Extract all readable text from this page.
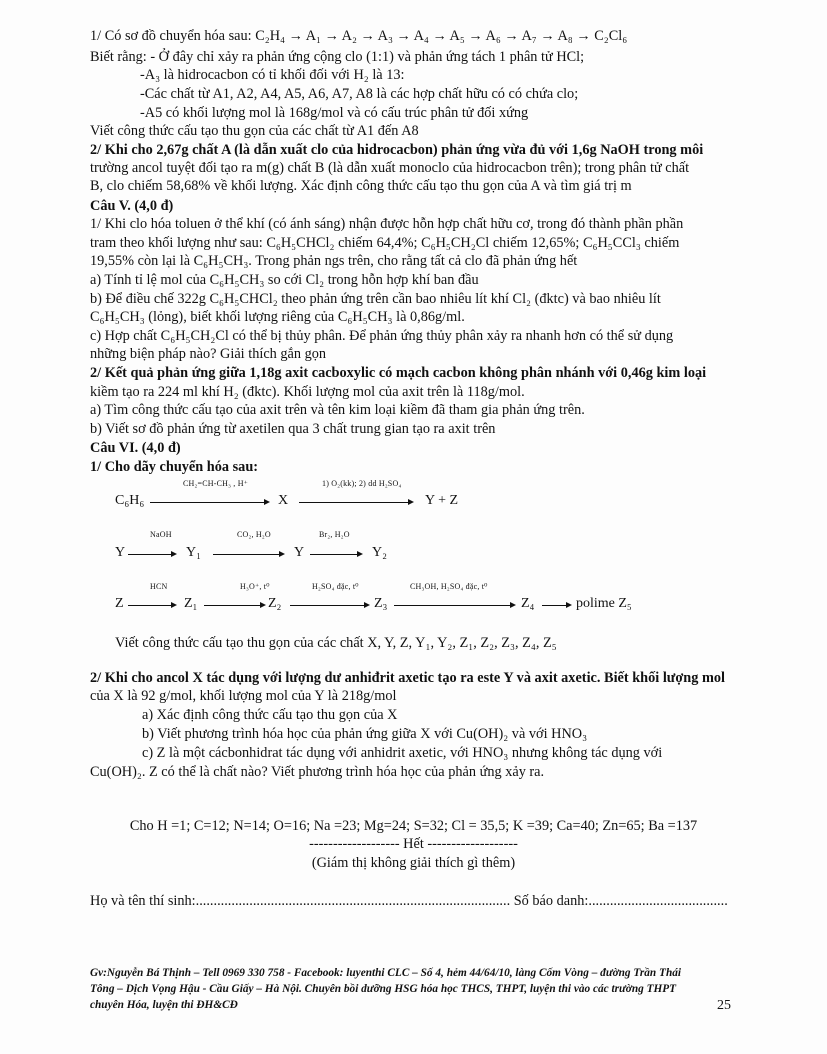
1/ Có sơ đồ chuyển hóa sau: C₂H₄ → A₁ → A₂ → A₃ → A₄ → A₅ → A₆ → A₇ → A₈ → C₂Cl₆
Biết rằng: - Ở đây chỉ xảy ra phản ứng cộng clo (1:1) và phản ứng tách 1 phân tử HCl;
-A₃ là hidrocacbon có tỉ khối đối với H₂ là 13:
-Các chất từ A1, A2, A4, A5, A6, A7, A8 là các hợp chất hữu có có chứa clo;
-A5 có khối lượng mol là 168g/mol và có cấu trúc phân tử đối xứng
Viết công thức cấu tạo thu gọn của các chất từ A1 đến A8
2/ Khi cho 2,67g chất A (là dẫn xuất clo của hidrocacbon) phản ứng vừa đủ với 1,6g NaOH trong môi
trường ancol tuyệt đối tạo ra m(g) chất B (là dẫn xuất monoclo của hidrocacbon trên); trong phân tử chất
B, clo chiếm 58,68% về khối lượng. Xác định công thức cấu tạo thu gọn của A và tìm giá trị m
Câu V. (4,0 đ)
1/ Khi clo hóa toluen ở thể khí (có ánh sáng) nhận được hỗn hợp chất hữu cơ, trong đó thành phần phần
tram theo khối lượng như sau: C₆H₅CHCl₂ chiếm 64,4%; C₆H₅CH₂Cl chiếm 12,65%; C₆H₅CCl₃ chiếm
19,55% còn lại là C₆H₅CH₃. Trong phản ngs trên, cho rằng tất cả clo đã phản ứng hết
a) Tính tỉ lệ mol của C₆H₅CH₃ so cới Cl₂ trong hỗn hợp khí ban đầu
b) Để điều chế 322g C₆H₅CHCl₂ theo phản ứng trên cần bao nhiêu lít khí Cl₂ (đktc) và bao nhiêu lít
C₆H₅CH₃ (lỏng), biết khối lượng riêng của C₆H₅CH₃ là 0,86g/ml.
c) Hợp chất C₆H₅CH₂Cl có thể bị thủy phân. Để phản ứng thủy phân xảy ra nhanh hơn có thể sử dụng
những biện pháp nào? Giải thích gắn gọn
2/ Kết quả phản ứng giữa 1,18g axit cacboxylic có mạch cacbon không phân nhánh với 0,46g kim loại
kiềm tạo ra 224 ml khí H₂ (đktc). Khối lượng mol của axit trên là 118g/mol.
a) Tìm công thức cấu tạo của axit trên và tên kim loại kiềm đã tham gia phản ứng trên.
b) Viết sơ đồ phản ứng từ axetilen qua 3 chất trung gian tạo ra axit trên
Câu VI. (4,0 đ)
1/ Cho dãy chuyển hóa sau:
C₆H₆
CH₂=CH-CH₃ , H⁺
X
1) O₂(kk); 2) dd H₂SO₄
Y + Z
Y
NaOH
→ Y₁
CO₂, H₂O
Y
Br₂, H₂O
→ Y₂
Z
HCN
→ Z₁
H₃O⁺, t⁰
→ Z₂
H₂SO₄ đặc, t⁰
Z₃
CH₃OH, H₂SO₄ đặc, t⁰
Z₄ → polime Z₅
Viết công thức cấu tạo thu gọn của các chất X, Y, Z, Y₁, Y₂, Z₁, Z₂, Z₃, Z₄, Z₅
2/ Khi cho ancol X tác dụng với lượng dư anhiđrit axetic tạo ra este Y và axit axetic. Biết khối lượng mol
của X là 92 g/mol, khối lượng mol của Y là 218g/mol
a) Xác định công thức cấu tạo thu gọn của X
b) Viết phương trình hóa học của phản ứng giữa X với Cu(OH)₂ và với HNO₃
c) Z là một cácbonhidrat tác dụng với anhidrit axetic, với HNO₃ nhưng không tác dụng với
Cu(OH)₂. Z có thể là chất nào? Viết phương trình hóa học của phản ứng xảy ra.
Cho H =1; C=12; N=14; O=16; Na =23; Mg=24; S=32; Cl = 35,5; K =39; Ca=40; Zn=65; Ba =137
------------------- Hết -------------------
(Giám thị không giải thích gì thêm)
Họ và tên thí sinh:........................................................................................ Số báo danh:.......................................
Gv:Nguyễn Bá Thịnh – Tell 0969 330 758 - Facebook: luyenthi CLC – Số 4, hẻm 44/64/10, làng Cốm Vòng – đường Trần Thái
Tông – Dịch Vọng Hậu - Cầu Giấy – Hà Nội. Chuyên bồi dưỡng HSG hóa học THCS, THPT, luyện thi vào các trường THPT
chuyên Hóa, luyện thi ĐH&CĐ	25
